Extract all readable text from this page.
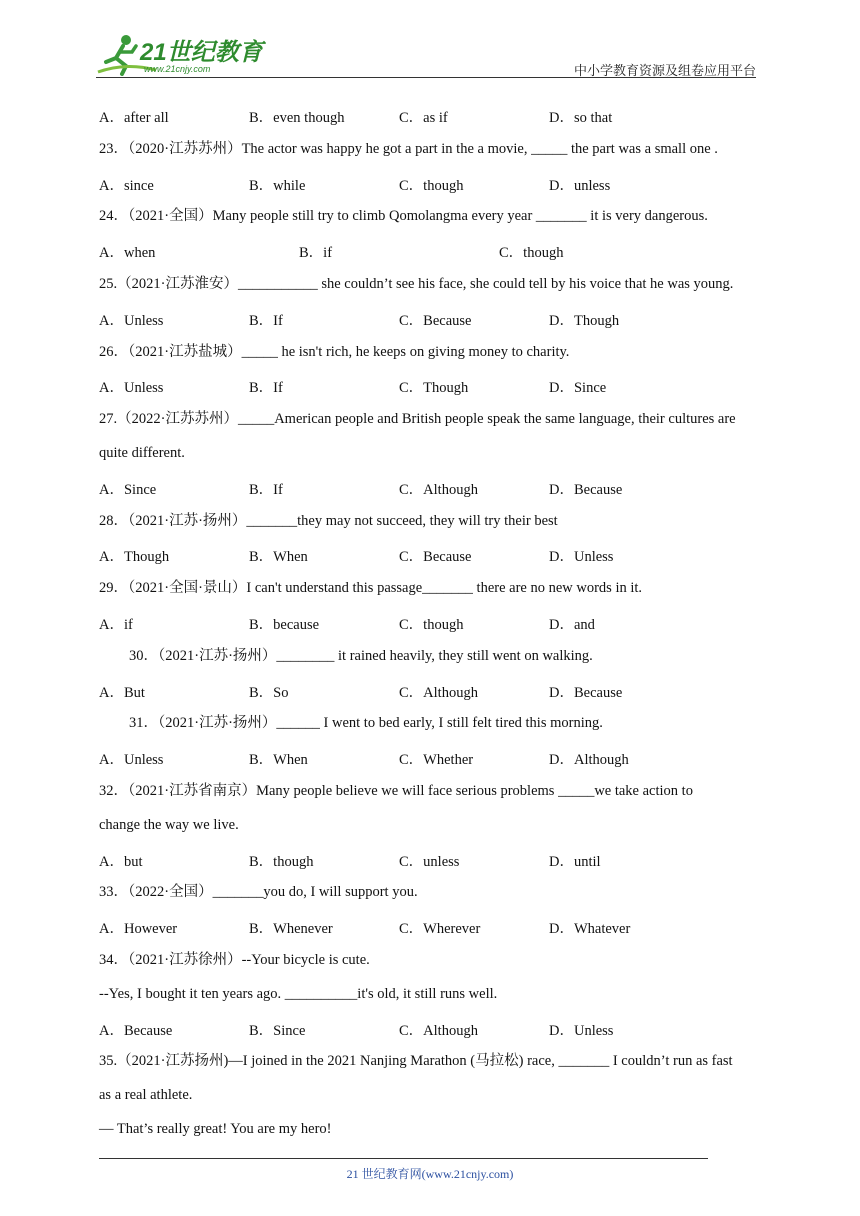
21世纪教育
www.21cnjy.com	中小学教育资源及组卷应用平台
A．after all	B．even though	C．as if	D．so that
23．（2020·江苏苏州）The actor was happy he got a part in the a movie, _____ the part was a small one .
A．since	B．while	C．though	D．unless
24．（2021·全国）Many people still try to climb Qomolangma every year _______ it is very dangerous.
A．when	B．if	C．though
25.（2021·江苏淮安）___________ she couldn’t see his face, she could tell by his voice that he was young.
A．Unless	B．If	C．Because	D．Though
26．（2021·江苏盐城）_____ he isn't rich, he keeps on giving money to charity.
A．Unless	B．If	C．Though	D．Since
27.（2022·江苏苏州）_____American people and British people speak the same language, their cultures are
quite different.
A．Since	B．If	C．Although	D．Because
28．（2021·江苏·扬州）_______they may not succeed, they will try their best
A．Though	B．When	C．Because	D．Unless
29．（2021·全国·景山）I can't understand this passage_______ there are no new words in it.
A．if	B．because	C．though	D．and
30．（2021·江苏·扬州）________ it rained heavily, they still went on walking.
A．But	B．So	C．Although	D．Because
31．（2021·江苏·扬州）______ I went to bed early, I still felt tired this morning.
A．Unless	B．When	C．Whether	D．Although
32．（2021·江苏省南京）Many people believe we will face serious problems _____we take action to
change the way we live.
A．but	B．though	C．unless	D．until
33．（2022·全国）_______you do, I will support you.
A．However	B．Whenever	C．Wherever	D．Whatever
34．（2021·江苏徐州）--Your bicycle is cute.
--Yes, I bought it ten years ago. __________it's old, it still runs well.
A．Because	B．Since	C．Although	D．Unless
35.（2021·江苏扬州)—I joined in the 2021 Nanjing Marathon (马拉松) race, _______ I couldn’t run as fast
as a real athlete.
— That’s really great! You are my hero!
21 世纪教育网(www.21cnjy.com)
